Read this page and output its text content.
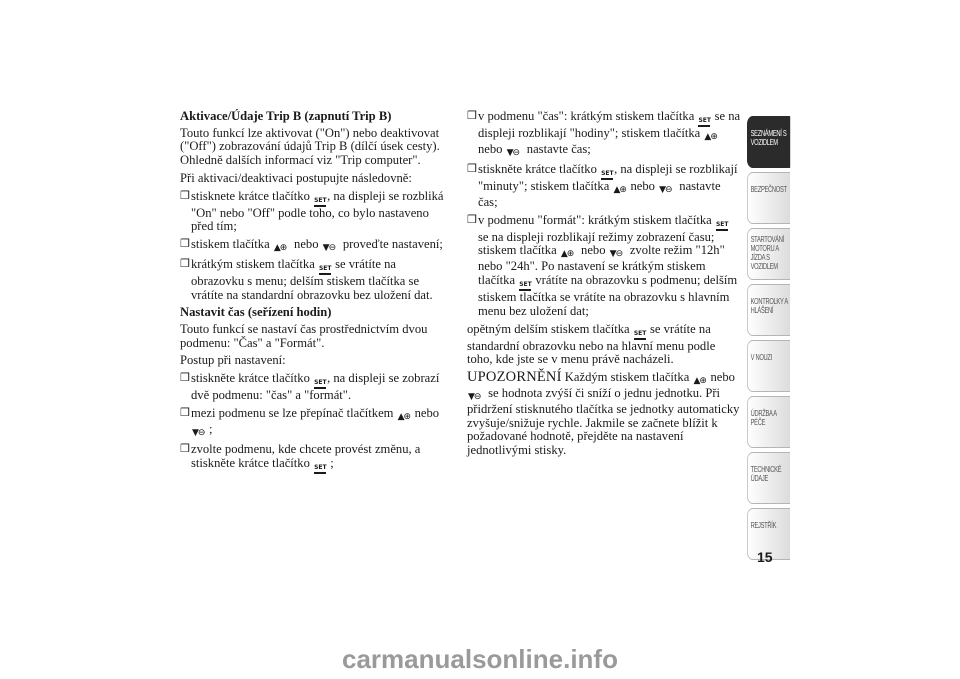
Aktivace/Údaje Trip B (zapnutí Trip B)

Touto funkcí lze aktivovat ("On") nebo deaktivovat ("Off") zobrazování údajů Trip B (dílčí úsek cesty). Ohledně dalších informací viz "Trip computer".

Při aktivaci/deaktivaci postupujte následovně:

❒ stisknete krátce tlačítko SET, na displeji se rozbliká "On" nebo "Off" podle toho, co bylo nastaveno před tím;
❒ stiskem tlačítka ▲⊕ nebo ▼⊖ proveďte nastavení;
❒ krátkým stiskem tlačítka SET se vrátíte na obrazovku s menu; delším stiskem tlačítka se vrátíte na standardní obrazovku bez uložení dat.
Nastavit čas (seřízení hodin)

Touto funkcí se nastaví čas prostřednictvím dvou podmenu: "Čas" a "Formát".

Postup při nastavení:

❒ stiskněte krátce tlačítko SET, na displeji se zobrazí dvě podmenu: "čas" a "formát".
❒ mezi podmenu se lze přepínač tlačítkem ▲⊕ nebo ▼⊖ ;
❒ zvolte podmenu, kde chcete provést změnu, a stiskněte krátce tlačítko SET ;
❒ v podmenu "čas": krátkým stiskem tlačítka SET se na displeji rozblikají "hodiny"; stiskem tlačítka ▲⊕ nebo ▼⊖ nastavte čas;
❒ stiskněte krátce tlačítko SET, na displeji se rozblikají "minuty"; stiskem tlačítka ▲⊕ nebo ▼⊖ nastavte čas;
❒ v podmenu "formát": krátkým stiskem tlačítka SET se na displeji rozblikají režimy zobrazení času; stiskem tlačítka ▲⊕ nebo ▼⊖ zvolte režim "12h" nebo "24h". Po nastavení se krátkým stiskem tlačítka SET vrátíte na obrazovku s podmenu; delším stiskem tlačítka se vrátíte na obrazovku s hlavním menu bez uložení dat;

opětným delším stiskem tlačítka SET se vrátíte na standardní obrazovku nebo na hlavní menu podle toho, kde jste se v menu právě nacházeli.

UPOZORNĚNÍ Každým stiskem tlačítka ▲⊕ nebo ▼⊖ se hodnota zvýší či sníží o jednu jednotku. Při přidržení stisknutého tlačítka se jednotky automaticky zvyšuje/snižuje rychle. Jakmile se začnete blížit k požadované hodnotě, přejděte na nastavení jednotlivými stisky.

SEZNÁMENÍ S VOZIDLEM
BEZPEČNOST
STARTOVÁNÍ MOTORU A JÍZDA S VOZIDLEM
KONTROLKY A HLÁŠENÍ
V NOUZI
ÚDRŽBA A PÉČE
TECHNICKÉ ÚDAJE
REJSTŘÍK
15
carmanualsonline.info
